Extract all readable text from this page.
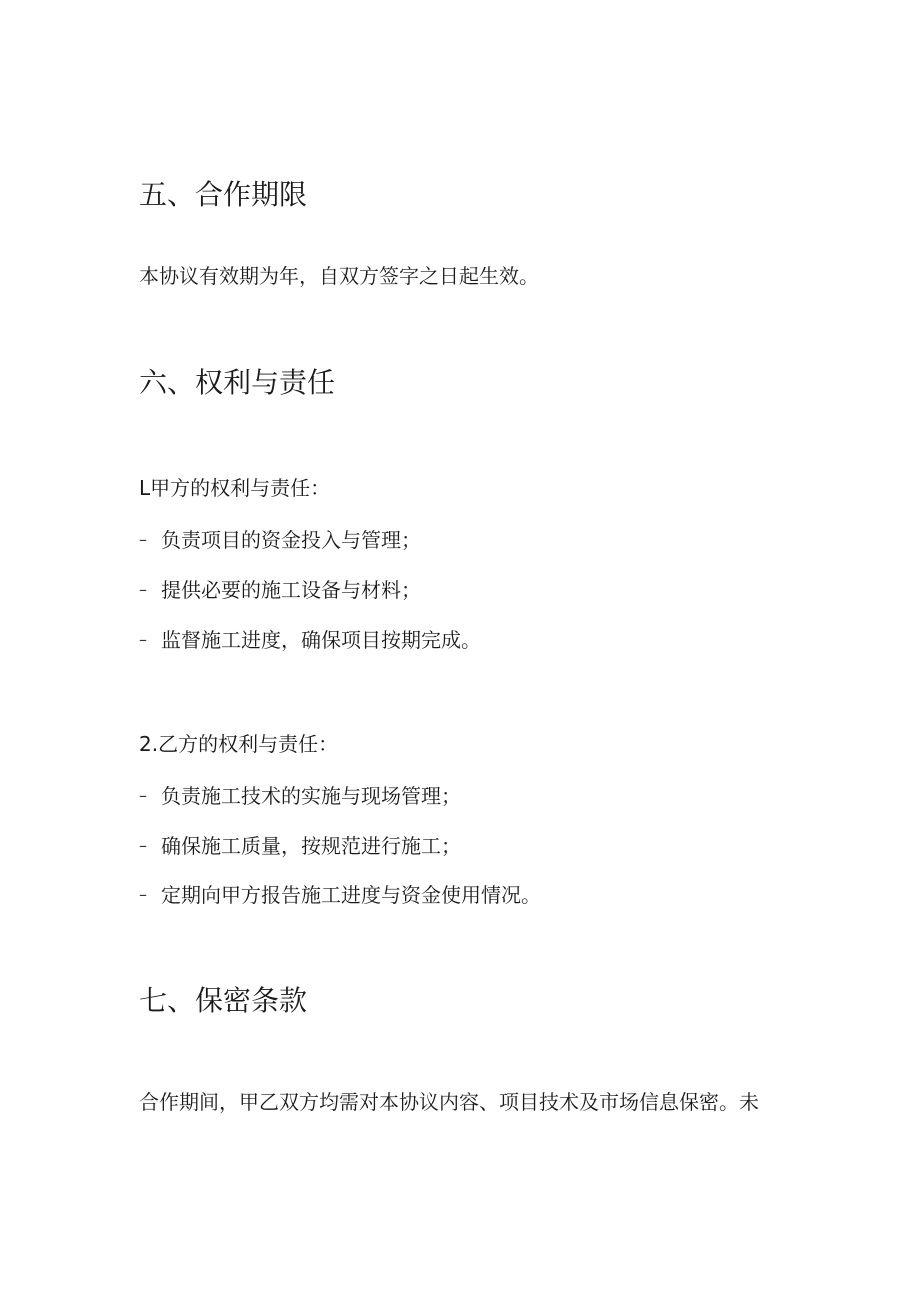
五、合作期限

本协议有效期为年，自双方签字之日起生效。

六、权利与责任

L甲方的权利与责任：

– 负责项目的资金投入与管理；

– 提供必要的施工设备与材料；

– 监督施工进度，确保项目按期完成。

2.乙方的权利与责任：

– 负责施工技术的实施与现场管理；

– 确保施工质量，按规范进行施工；

– 定期向甲方报告施工进度与资金使用情况。

七、保密条款

合作期间，甲乙双方均需对本协议内容、项目技术及市场信息保密。未
